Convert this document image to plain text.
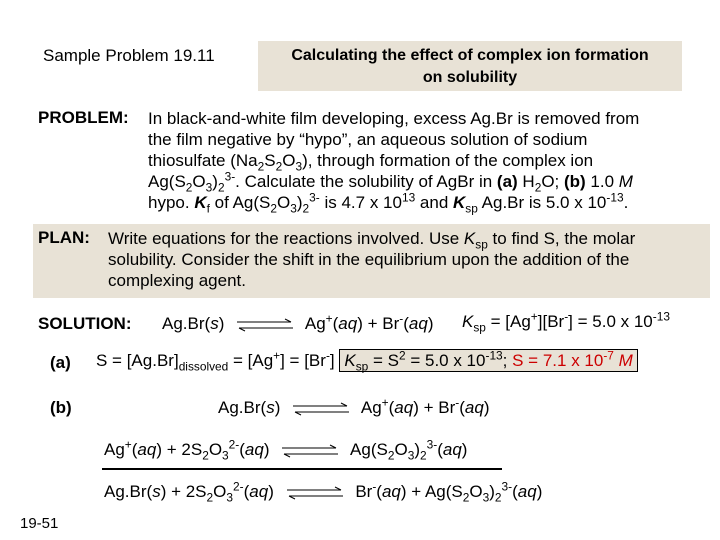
Sample Problem 19.11	Calculating the effect of complex ion formation
on solubility
PROBLEM: In black-and-white film developing, excess Ag.Br is removed from
the film negative by “hypo”, an aqueous solution of sodium
thiosulfate $(Na_2S_2O_3)$, through formation of the complex ion
$Ag(S_2O_3)_2^{3-}$. Calculate the solubility of AgBr in (a) $H_2O$; (b) 1.0 M
hypo. $K_f$ of $Ag(S_2O_3)_2^{3-}$ is 4.7 x $10^{13}$ and $K_{sp}$ Ag.Br is 5.0 x $10^{-13}$.
PLAN: Write equations for the reactions involved. Use $K_{sp}$ to find S, the molar
solubility. Consider the shift in the equilibrium upon the addition of the
complexing agent.
SOLUTION: Ag.Br(s) ⇌ Ag+(aq) + Br-(aq) $K_{sp} = [Ag^+][Br^-] = 5.0$ x $10^{-13}$
(a) $S = [Ag.Br]_{dissolved} = [Ag^+] = [Br^-] K_{sp} = S^2 = 5.0$ x $10^{-13}$; S = 7.1 x $10^{-7}$ M
(b)	Ag.Br(s) ⇌ Ag+(aq) + Br-(aq)
$Ag^+(aq) + 2S_2O_3^{2-}(aq)$ ⇌ $Ag(S_2O_3)_2^{3-}(aq)$
$Ag.Br(s) + 2S_2O_3^{2-}(aq)$ ⇌ $Br^-(aq) + Ag(S_2O_3)_2^{3-}(aq)$
19-51
